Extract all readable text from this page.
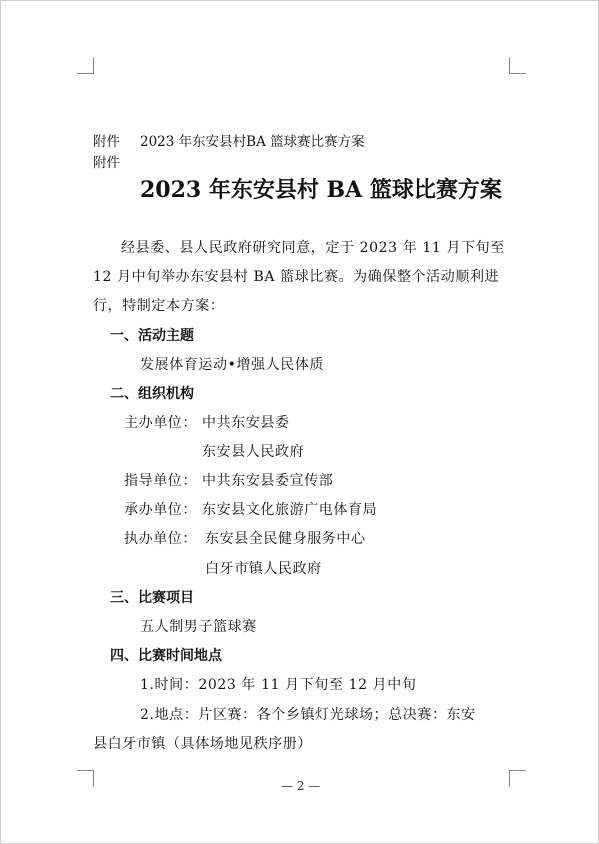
附件 2023 年东安县村BA 篮球赛比赛方案
附件
2023 年东安县村 BA 篮球比赛方案
经县委、县人民政府研究同意，定于 2023 年 11 月下旬至
12 月中旬举办东安县村 BA 篮球比赛。为确保整个活动顺利进
行，特制定本方案：
一、活动主题
发展体育运动•增强人民体质
二、组织机构
主办单位： 中共东安县委
东安县人民政府
指导单位： 中共东安县委宣传部
承办单位： 东安县文化旅游广电体育局
执办单位： 东安县全民健身服务中心
白牙市镇人民政府
三、比赛项目
五人制男子篮球赛
四、比赛时间地点
1.时间：2023 年 11 月下旬至 12 月中旬
2.地点：片区赛：各个乡镇灯光球场；总决赛：东安
县白牙市镇（具体场地见秩序册）
— 2 —
